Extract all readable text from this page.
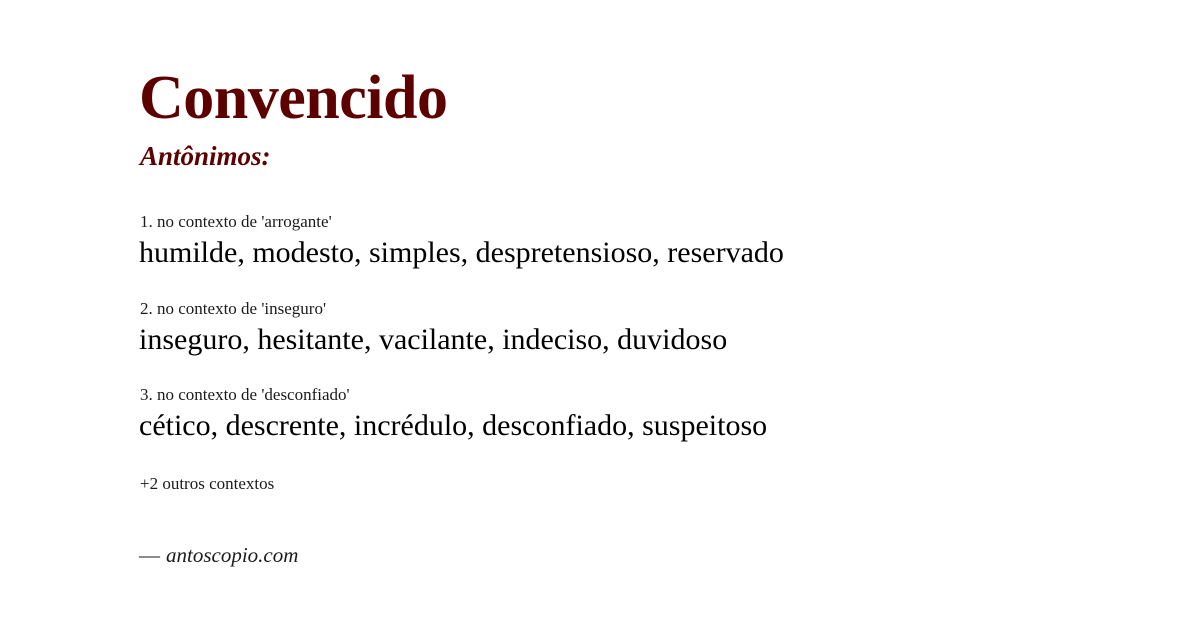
Convencido
Antônimos:
1. no contexto de 'arrogante'
humilde, modesto, simples, despretensioso, reservado
2. no contexto de 'inseguro'
inseguro, hesitante, vacilante, indeciso, duvidoso
3. no contexto de 'desconfiado'
cético, descrente, incrédulo, desconfiado, suspeitoso
+2 outros contextos
— antoscopio.com
